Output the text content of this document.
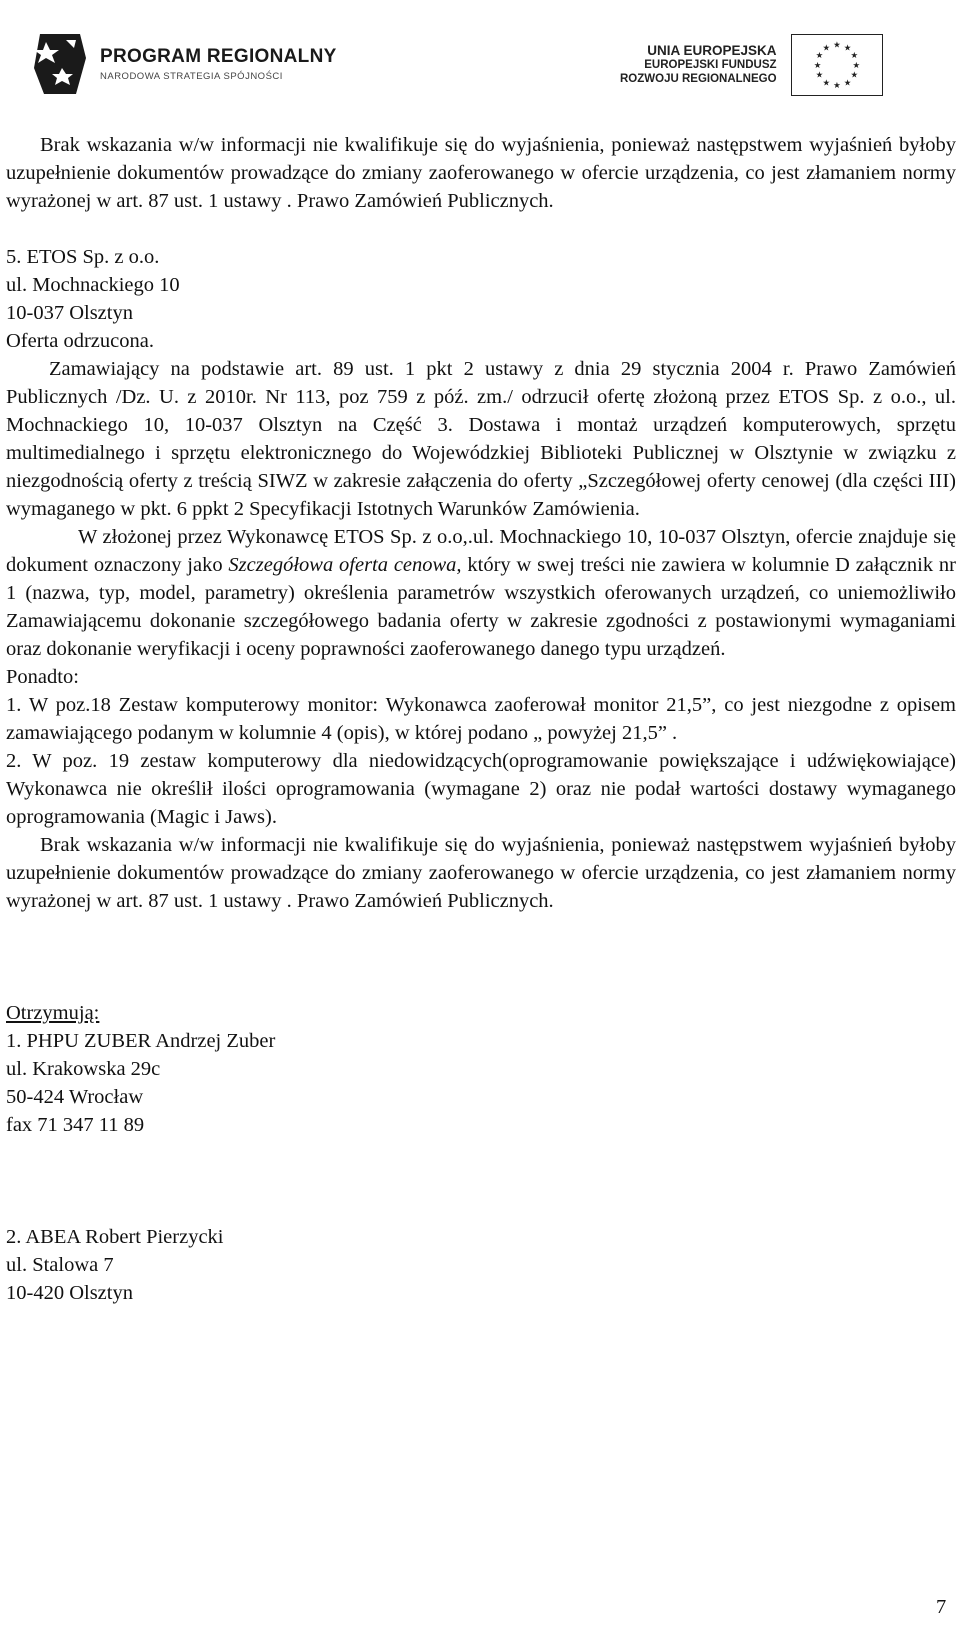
PROGRAM REGIONALNY
NARODOWA STRATEGIA SPÓJNOŚCI
UNIA EUROPEJSKA
EUROPEJSKI FUNDUSZ
ROZWOJU REGIONALNEGO
★ ★
★
★
★
★
★
★
★
★
★
★

Brak wskazania w/w informacji nie kwalifikuje się do wyjaśnienia, ponieważ następstwem wyjaśnień byłoby uzupełnienie dokumentów prowadzące do zmiany zaoferowanego w ofercie urządzenia, co jest złamaniem normy wyrażonej w art. 87 ust. 1 ustawy . Prawo Zamówień Publicznych.

5. ETOS Sp. z o.o.

ul. Mochnackiego 10

10-037 Olsztyn

Oferta odrzucona.

Zamawiający na podstawie art. 89 ust. 1 pkt 2 ustawy z dnia 29 stycznia 2004 r. Prawo Zamówień Publicznych /Dz. U. z 2010r. Nr 113, poz 759 z póź. zm./ odrzucił ofertę złożoną przez ETOS Sp. z o.o., ul. Mochnackiego 10, 10-037 Olsztyn na Część 3. Dostawa i montaż urządzeń komputerowych, sprzętu multimedialnego i sprzętu elektronicznego do Wojewódzkiej Biblioteki Publicznej w Olsztynie w związku z niezgodnością oferty z treścią SIWZ w zakresie załączenia do oferty „Szczegółowej oferty cenowej (dla części III) wymaganego w pkt. 6 ppkt 2 Specyfikacji Istotnych Warunków Zamówienia.

W złożonej przez Wykonawcę ETOS Sp. z o.o,.ul. Mochnackiego 10, 10-037 Olsztyn, ofercie znajduje się dokument oznaczony jako Szczegółowa oferta cenowa, który w swej treści nie zawiera w kolumnie D załącznik nr 1 (nazwa, typ, model, parametry) określenia parametrów wszystkich oferowanych urządzeń, co uniemożliwiło Zamawiającemu dokonanie szczegółowego badania oferty w zakresie zgodności z postawionymi wymaganiami oraz dokonanie weryfikacji i oceny poprawności zaoferowanego danego typu urządzeń.

Ponadto:

1. W poz.18 Zestaw komputerowy monitor: Wykonawca zaoferował monitor 21,5”, co jest niezgodne z opisem zamawiającego podanym w kolumnie 4 (opis), w której podano „ powyżej 21,5” .

2. W poz. 19 zestaw komputerowy dla niedowidzących(oprogramowanie powiększające i udźwiękowiające) Wykonawca nie określił ilości oprogramowania (wymagane 2) oraz nie podał wartości dostawy wymaganego oprogramowania (Magic i Jaws).

Brak wskazania w/w informacji nie kwalifikuje się do wyjaśnienia, ponieważ następstwem wyjaśnień byłoby uzupełnienie dokumentów prowadzące do zmiany zaoferowanego w ofercie urządzenia, co jest złamaniem normy wyrażonej w art. 87 ust. 1 ustawy . Prawo Zamówień Publicznych.

Otrzymują:

1. PHPU ZUBER Andrzej Zuber

ul. Krakowska 29c

50-424 Wrocław

fax 71 347 11 89

2. ABEA Robert Pierzycki

ul. Stalowa 7

10-420 Olsztyn

7
